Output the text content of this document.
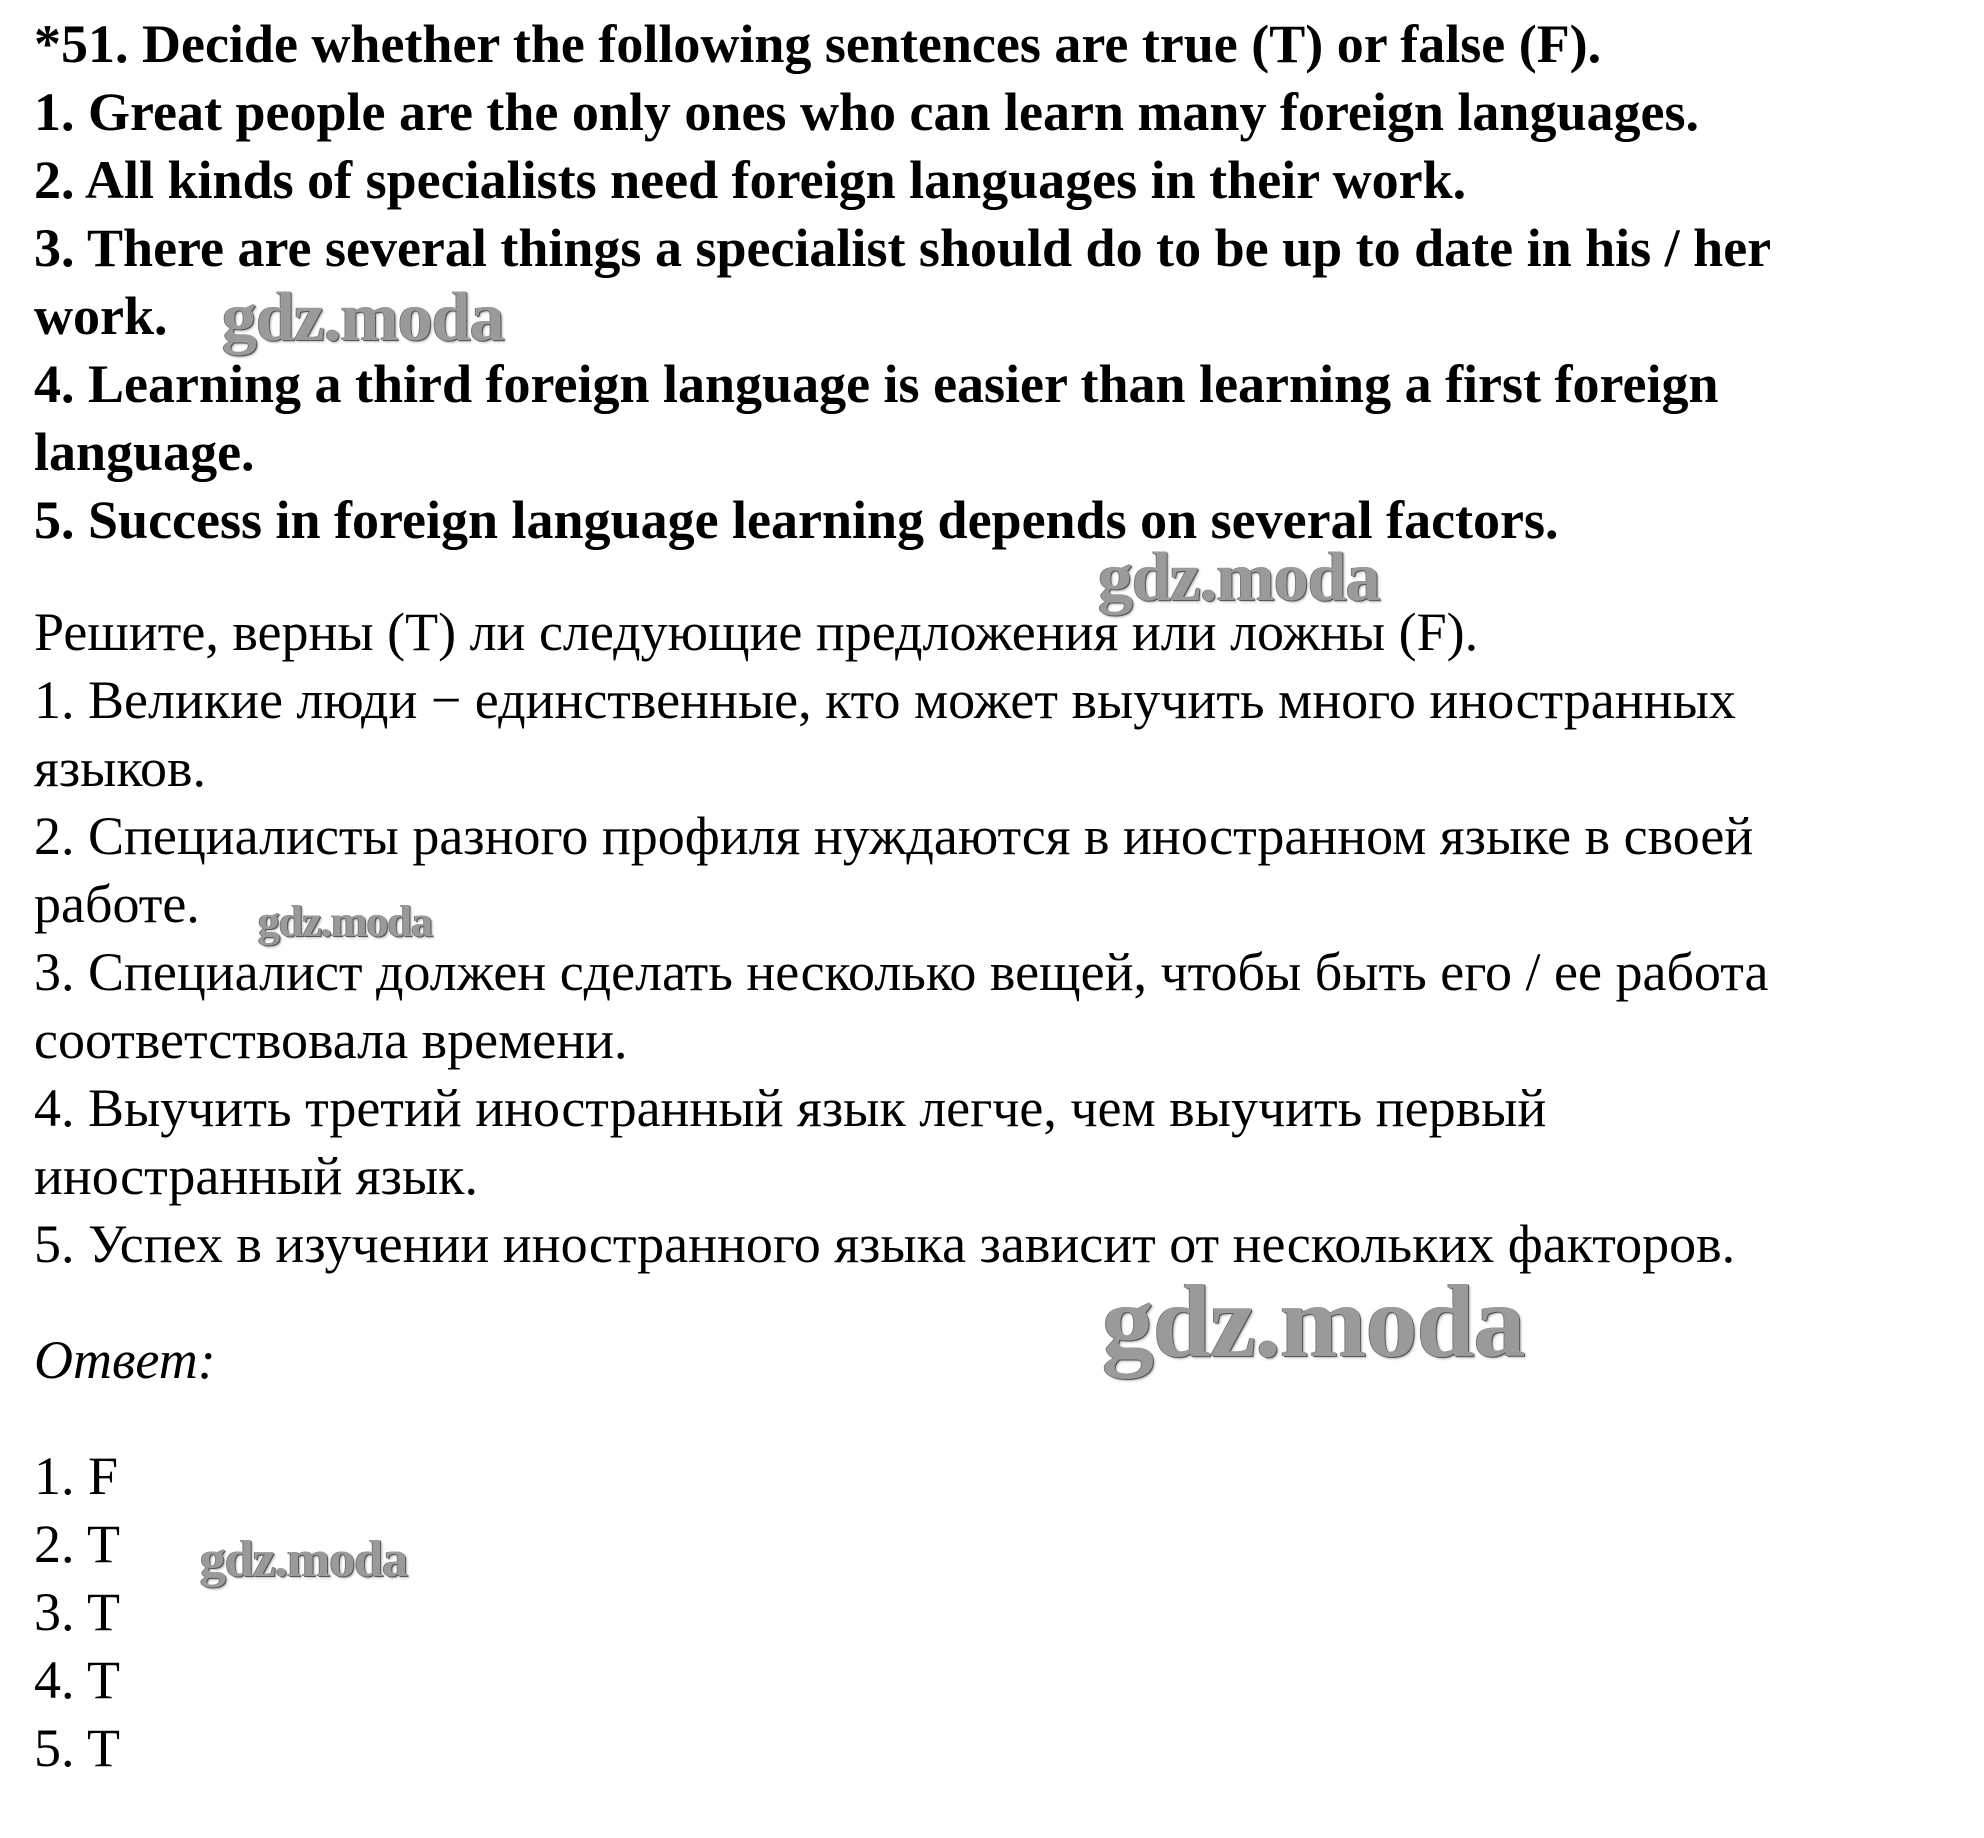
*51. Decide whether the following sentences are true (T) or false (F).
1. Great people are the only ones who can learn many foreign languages.
2. All kinds of specialists need foreign languages in their work.
3. There are several things a specialist should do to be up to date in his / her
work.
4. Learning a third foreign language is easier than learning a first foreign
language.
5. Success in foreign language learning depends on several factors.
Решите, верны (T) ли следующие предложения или ложны (F).
1. Великие люди − единственные, кто может выучить много иностранных
языков.
2. Специалисты разного профиля нуждаются в иностранном языке в своей
работе.
3. Специалист должен сделать несколько вещей, чтобы быть его / ее работа
соответствовала времени.
4. Выучить третий иностранный язык легче, чем выучить первый
иностранный язык.
5. Успех в изучении иностранного языка зависит от нескольких факторов.
Ответ:
1. F
2. T
3. T
4. T
5. T
gdz.moda
gdz.moda
gdz.moda
gdz.moda
gdz.moda
